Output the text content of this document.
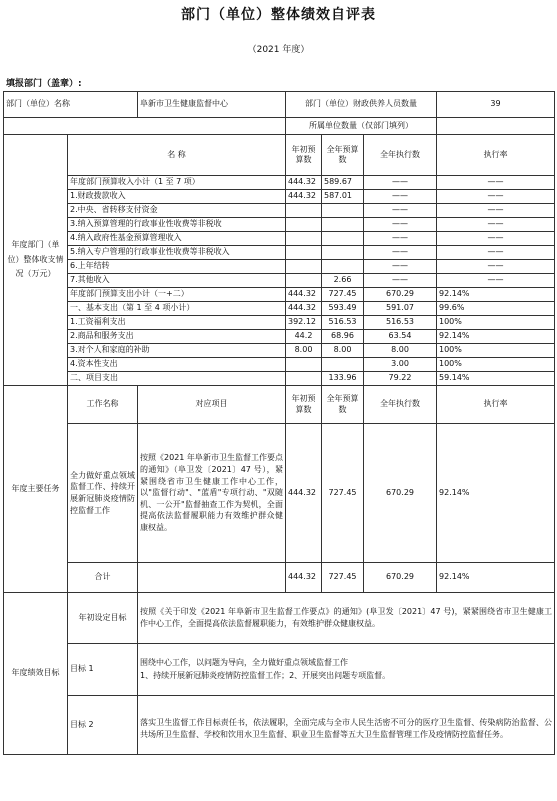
部门（单位）整体绩效自评表
（2021 年度）
填报部门（盖章）:
部门（单位）名称		阜新市卫生健康监督中心	部门（单位）财政供养人员数量			39
			所属单位数量（仅部门填列）			
年度部门（单位）整体收支情况（万元）	名 称		年初预算数	全年预算数	全年执行数	执行率
	年度部门预算收入小计（1 至 7 项）		444.32	589.67	——	——
	1.财政拨款收入		444.32	587.01	——	——
	2.中央、省转移支付资金				——	——
	3.纳入预算管理的行政事业性收费等非税收				——	——
	4.纳入政府性基金预算管理收入				——	——
	5.纳入专户管理的行政事业性收费等非税收入				——	——
	6.上年结转				——	——
	7.其他收入			2.66	——	——
	年度部门预算支出小计（一+二）		444.32	727.45	670.29	92.14%
	一、基本支出（第 1 至 4 项小计）		444.32	593.49	591.07	99.6%
	1.工资福利支出		392.12	516.53	516.53	100%
	2.商品和服务支出		44.2	68.96	63.54	92.14%
	3.对个人和家庭的补助		8.00	8.00	8.00	100%
	4.资本性支出				3.00	100%
	二、项目支出			133.96	79.22	59.14%
年度主要任务	工作名称	对应项目	年初预算数	全年预算数	全年执行数	执行率
	全力做好重点领域监督工作、持续开展新冠肺炎疫情防控监督工作	按照《2021 年阜新市卫生监督工作要点的通知》（阜卫发〔2021〕47 号），紧紧围绕省市卫生健康工作中心工作，以"监督行动"、"蓝盾"专项行动、"双随机、一公开"监督抽查工作为契机，全面提高依法监督履职能力有效维护群众健康权益。	444.32	727.45	670.29	92.14%
	合计		444.32	727.45	670.29	92.14%
年度绩效目标	年初设定目标	按照《关于印发《2021 年阜新市卫生监督工作要点》的通知》(阜卫发〔2021〕47 号)，紧紧围绕省市卫生健康工作中心工作，全面提高依法监督履职能力，有效维护群众健康权益。				
	目标 1	围绕中心工作，以问题为导向，全力做好重点领域监督工作
1、持续开展新冠肺炎疫情防控监督工作；2、开展突出问题专项监督。				

	目标 2	落实卫生监督工作目标责任书，依法履职，全面完成与全市人民生活密不可分的医疗卫生监督、传染病防治监督、公共场所卫生监督、学校和饮用水卫生监督、职业卫生监督等五大卫生监督管理工作及疫情防控监督任务。				
